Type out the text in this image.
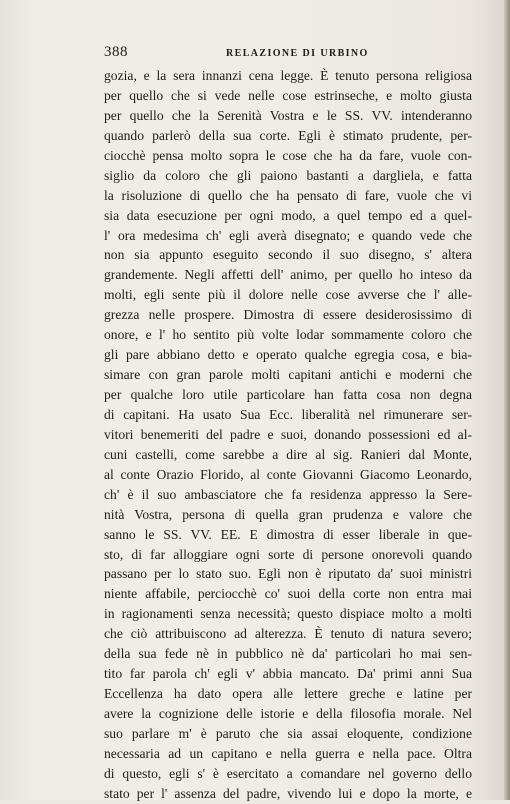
388	RELAZIONE DI URBINO
gozia, e la sera innanzi cena legge. È tenuto persona religiosa
per quello che si vede nelle cose estrinseche, e molto giusta
per quello che la Serenità Vostra e le SS. VV. intenderanno
quando parlerò della sua corte. Egli è stimato prudente, per-
ciocchè pensa molto sopra le cose che ha da fare, vuole con-
siglio da coloro che gli paiono bastanti a dargliela, e fatta
la risoluzione di quello che ha pensato di fare, vuole che vi
sia data esecuzione per ogni modo, a quel tempo ed a quel-
l' ora medesima ch' egli averà disegnato; e quando vede che
non sia appunto eseguito secondo il suo disegno, s' altera
grandemente. Negli affetti dell' animo, per quello ho inteso da
molti, egli sente più il dolore nelle cose avverse che l' alle-
grezza nelle prospere. Dimostra di essere desiderosissimo di
onore, e l' ho sentito più volte lodar sommamente coloro che
gli pare abbiano detto e operato qualche egregia cosa, e bia-
simare con gran parole molti capitani antichi e moderni che
per qualche loro utile particolare han fatta cosa non degna
di capitani. Ha usato Sua Ecc. liberalità nel rimunerare ser-
vitori benemeriti del padre e suoi, donando possessioni ed al-
cuni castelli, come sarebbe a dire al sig. Ranieri dal Monte,
al conte Orazio Florido, al conte Giovanni Giacomo Leonardo,
ch' è il suo ambasciatore che fa residenza appresso la Sere-
nità Vostra, persona di quella gran prudenza e valore che
sanno le SS. VV. EE. E dimostra di esser liberale in que-
sto, di far alloggiare ogni sorte di persone onorevoli quando
passano per lo stato suo. Egli non è riputato da' suoi ministri
niente affabile, perciocchè co' suoi della corte non entra mai
in ragionamenti senza necessità; questo dispiace molto a molti
che ciò attribuiscono ad alterezza. È tenuto di natura severo;
della sua fede nè in pubblico nè da' particolari ho mai sen-
tito far parola ch' egli v' abbia mancato. Da' primi anni Sua
Eccellenza ha dato opera alle lettere greche e latine per
avere la cognizione delle istorie e della filosofia morale. Nel
suo parlare m' è paruto che sia assai eloquente, condizione
necessaria ad un capitano e nella guerra e nella pace. Oltra
di questo, egli s' è esercitato a comandare nel governo dello
stato per l' assenza del padre, vivendo lui e dopo la morte, e
